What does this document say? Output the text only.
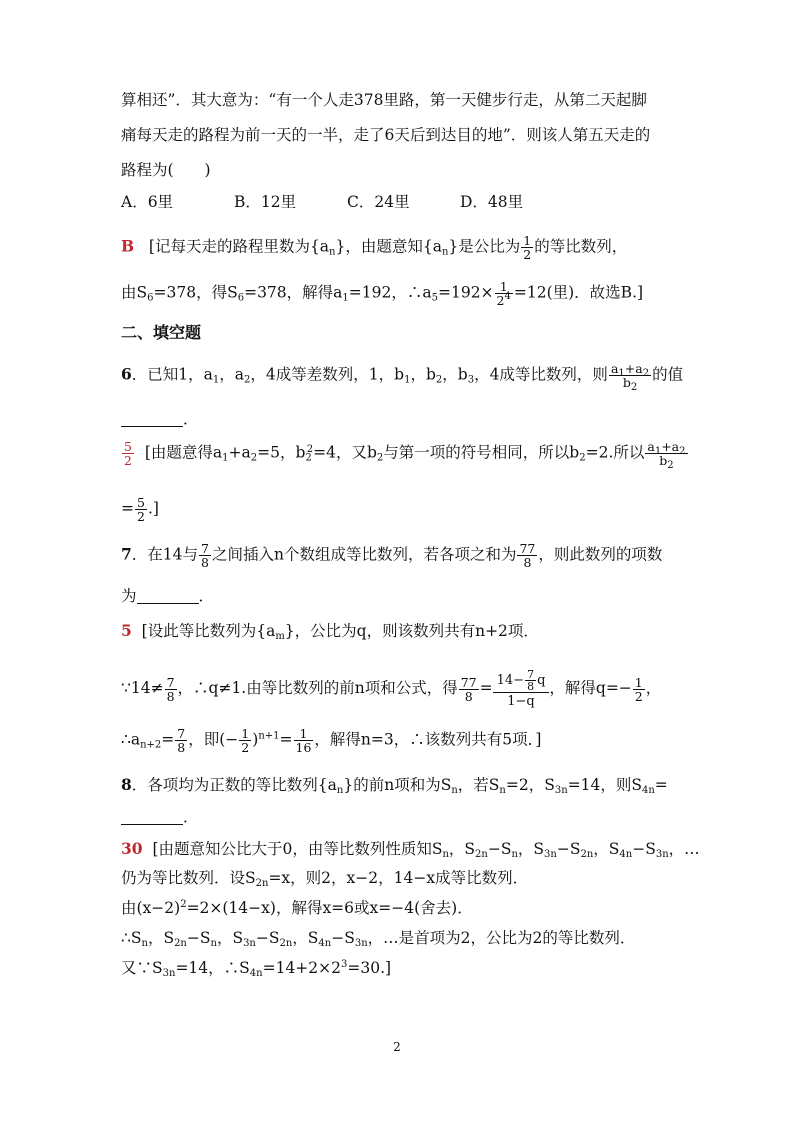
算相还”．其大意为：“有一个人走378里路，第一天健步行走，从第二天起脚
痛每天走的路程为前一天的一半，走了6天后到达目的地”．则该人第五天走的
路程为(　　)
A．6里	B．12里	C．24里	D．48里
B [记每天走的路程里数为$\{a_n\}$，由题意知$\{a_n\}$是公比为 $\frac{1}{2}$ 的等比数列，
由$S_6=378$，得$S_6=378$，解得$a_1=192$，$\therefore a_5=192\times \frac{1}{2^4} =12$(里)．故选B.]
二、填空题
6．已知1，$a_1$，$a_2$，4成等差数列，1，$b_1$，$b_2$，$b_3$，4成等比数列，则 $\frac{a_1+a_2}{b_2}$ 的值
．
$\frac{5}{2}$ [由题意得$a_1+a_2=5$，$b_2^2=4$，又$b_2$与第一项的符号相同，所以$b_2=2$.所以 $\frac{a_1+a_2}{b_2}$
= $\frac{5}{2}$ .]
7．在14与 $\frac{7}{8}$ 之间插入n个数组成等比数列，若各项之和为 $\frac{77}{8}$ ，则此数列的项数
为	．
5 [设此等比数列为$\{a_m\}$，公比为q，则该数列共有n+2项．
∵14≠ $\frac{7}{8}$ ，∴q≠1.由等比数列的前n项和公式，得 $\frac{77}{8} = \frac{14- \frac{7}{8} q}{1-q}$ ，解得$q=- \frac{1}{2}$ ，
$\therefore a_{n+2}= \frac{7}{8}$ ，即(− $\frac{1}{2} )^{n+1}= \frac{1}{16}$ ，解得n=3，∴该数列共有5项．]
8．各项均为正数的等比数列$\{a_n\}$的前n项和为$S_n$，若$S_n=2$，$S_{3n}=14$，则$S_{4n}=$
．
30 [由题意知公比大于0，由等比数列性质知$S_n$，$S_{2n}-S_n$，$S_{3n}-S_{2n}$，$S_{4n}-S_{3n}$，…
仍为等比数列．设$S_{2n}=x$，则2，x−2，14−x成等比数列．
由$(x-2)^2=2\times(14-x)$，解得x=6或x=−4(舍去)．
$\therefore S_n$，$S_{2n}-S_n$，$S_{3n}-S_{2n}$，$S_{4n}-S_{3n}$，…是首项为2，公比为2的等比数列．
又$\because S_{3n}=14$，$\therefore S_{4n}=14+2\times 2^3=30$.]
2
